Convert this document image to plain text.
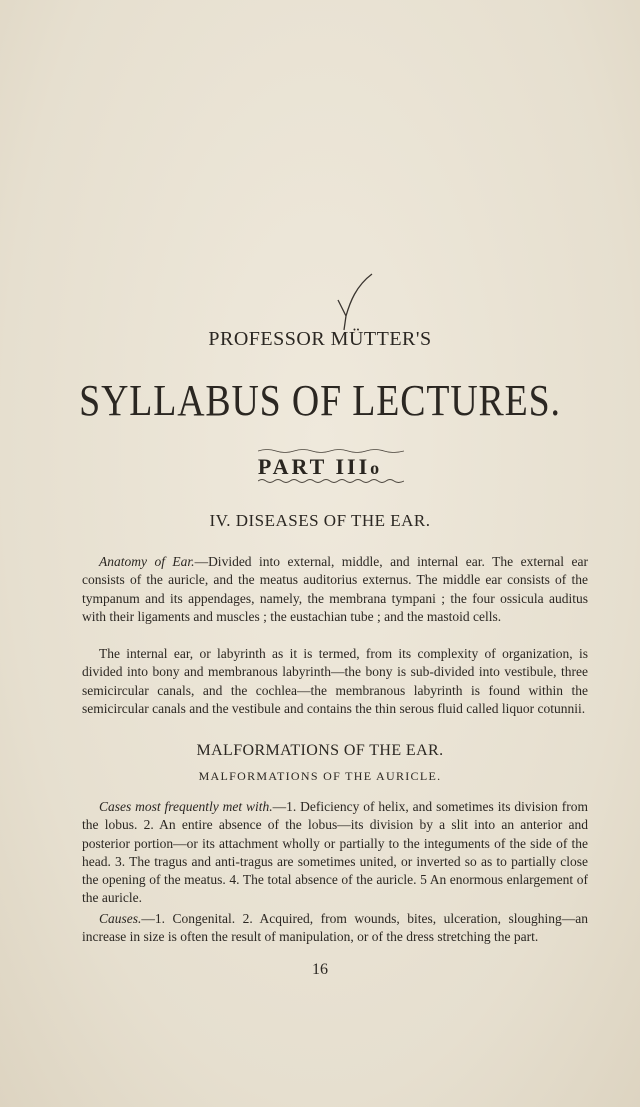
PROFESSOR MÜTTER'S
SYLLABUS OF LECTURES.
PART IIIo
IV. DISEASES OF THE EAR.

Anatomy of Ear.—Divided into external, middle, and internal ear. The external ear consists of the auricle, and the meatus auditorius externus. The middle ear consists of the tympanum and its appendages, namely, the membrana tympani ; the four ossicula auditus with their ligaments and muscles ; the eustachian tube ; and the mastoid cells.

The internal ear, or labyrinth as it is termed, from its complexity of organization, is divided into bony and membranous labyrinth—the bony is sub-divided into vestibule, three semicircular canals, and the cochlea—the membranous labyrinth is found within the semicircular canals and the vestibule and contains the thin serous fluid called liquor cotunnii.

MALFORMATIONS OF THE EAR.
MALFORMATIONS OF THE AURICLE.

Cases most frequently met with.—1. Deficiency of helix, and sometimes its division from the lobus. 2. An entire absence of the lobus—its division by a slit into an anterior and posterior portion—or its attachment wholly or partially to the integuments of the side of the head. 3. The tragus and anti-tragus are sometimes united, or inverted so as to partially close the opening of the meatus. 4. The total absence of the auricle. 5 An enormous enlargement of the auricle.

Causes.—1. Congenital. 2. Acquired, from wounds, bites, ulceration, sloughing—an increase in size is often the result of manipulation, or of the dress stretching the part.

16
